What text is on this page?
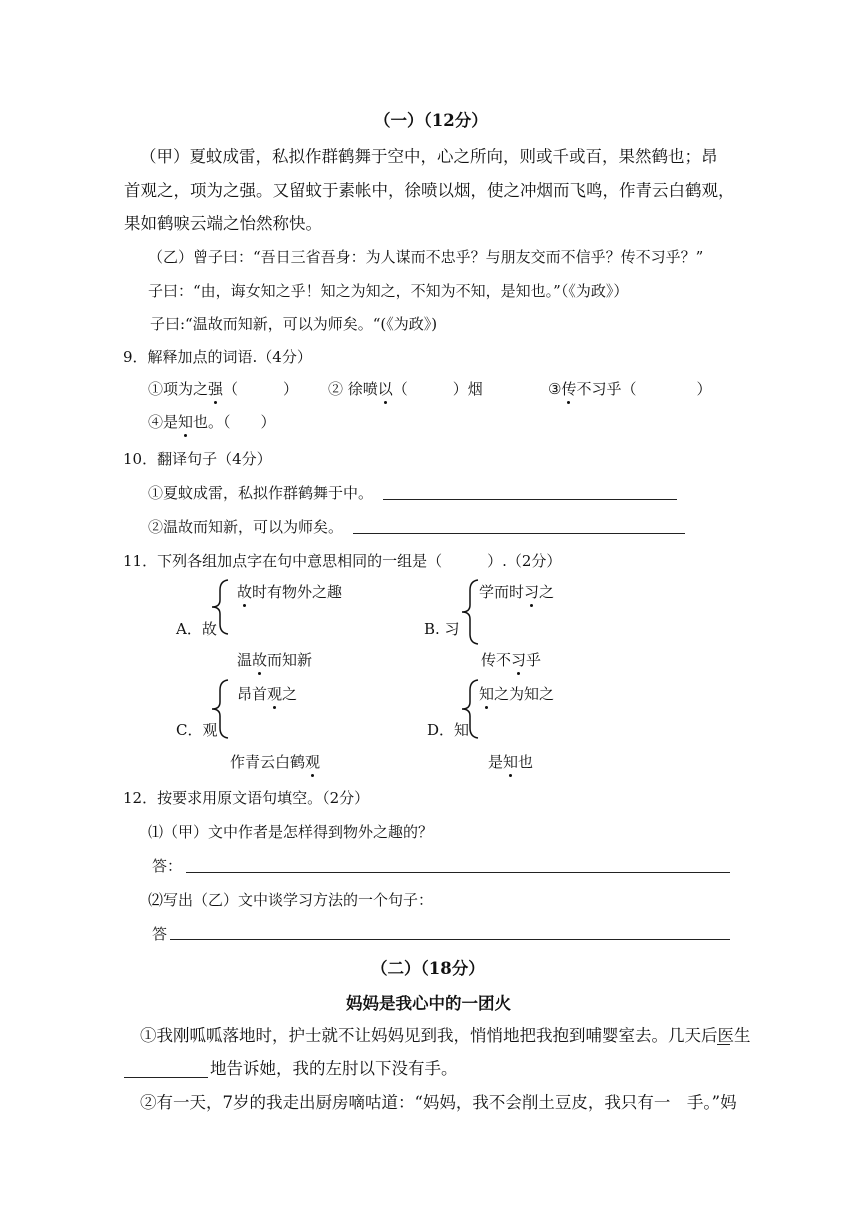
（一）（12分）
（甲）夏蚊成雷，私拟作群鹤舞于空中，心之所向，则或千或百，果然鹤也；昂
首观之，项为之强。又留蚊于素帐中，徐喷以烟，使之冲烟而飞鸣，作青云白鹤观，
果如鹤唳云端之怡然称快。
（乙）曾子曰：“吾日三省吾身：为人谋而不忠乎？与朋友交而不信乎？传不习乎？”
子曰：“由，诲女知之乎！知之为知之，不知为不知，是知也。”（《为政》）
子曰:“温故而知新，可以为师矣。“(《为政》)
9．解释加点的词语.（4分）
①项为之强（　　　） ② 徐喷以（　　　）烟	③传不习乎（　　　　）
④是知也。（　　）
10．翻译句子（4分）
①夏蚊成雷，私拟作群鹤舞于中。
②温故而知新，可以为师矣。
11．下列各组加点字在句中意思相同的一组是（　　　）.（2分）
A．故
故时有物外之趣
温故而知新
B. 习
学而时习之
传不习乎
C．观
昂首观之
作青云白鹤观
D．知
知之为知之
是知也
12．按要求用原文语句填空。（2分）
⑴（甲）文中作者是怎样得到物外之趣的？
答：
⑵写出（乙）文中谈学习方法的一个句子：
答
（二）（18分）
妈妈是我心中的一团火
①我刚呱呱落地时，护士就不让妈妈见到我，悄悄地把我抱到哺婴室去。几天后医生
地告诉她，我的左肘以下没有手。
②有一天，7岁的我走出厨房嘀咕道：“妈妈，我不会削土豆皮，我只有一　手。”妈
